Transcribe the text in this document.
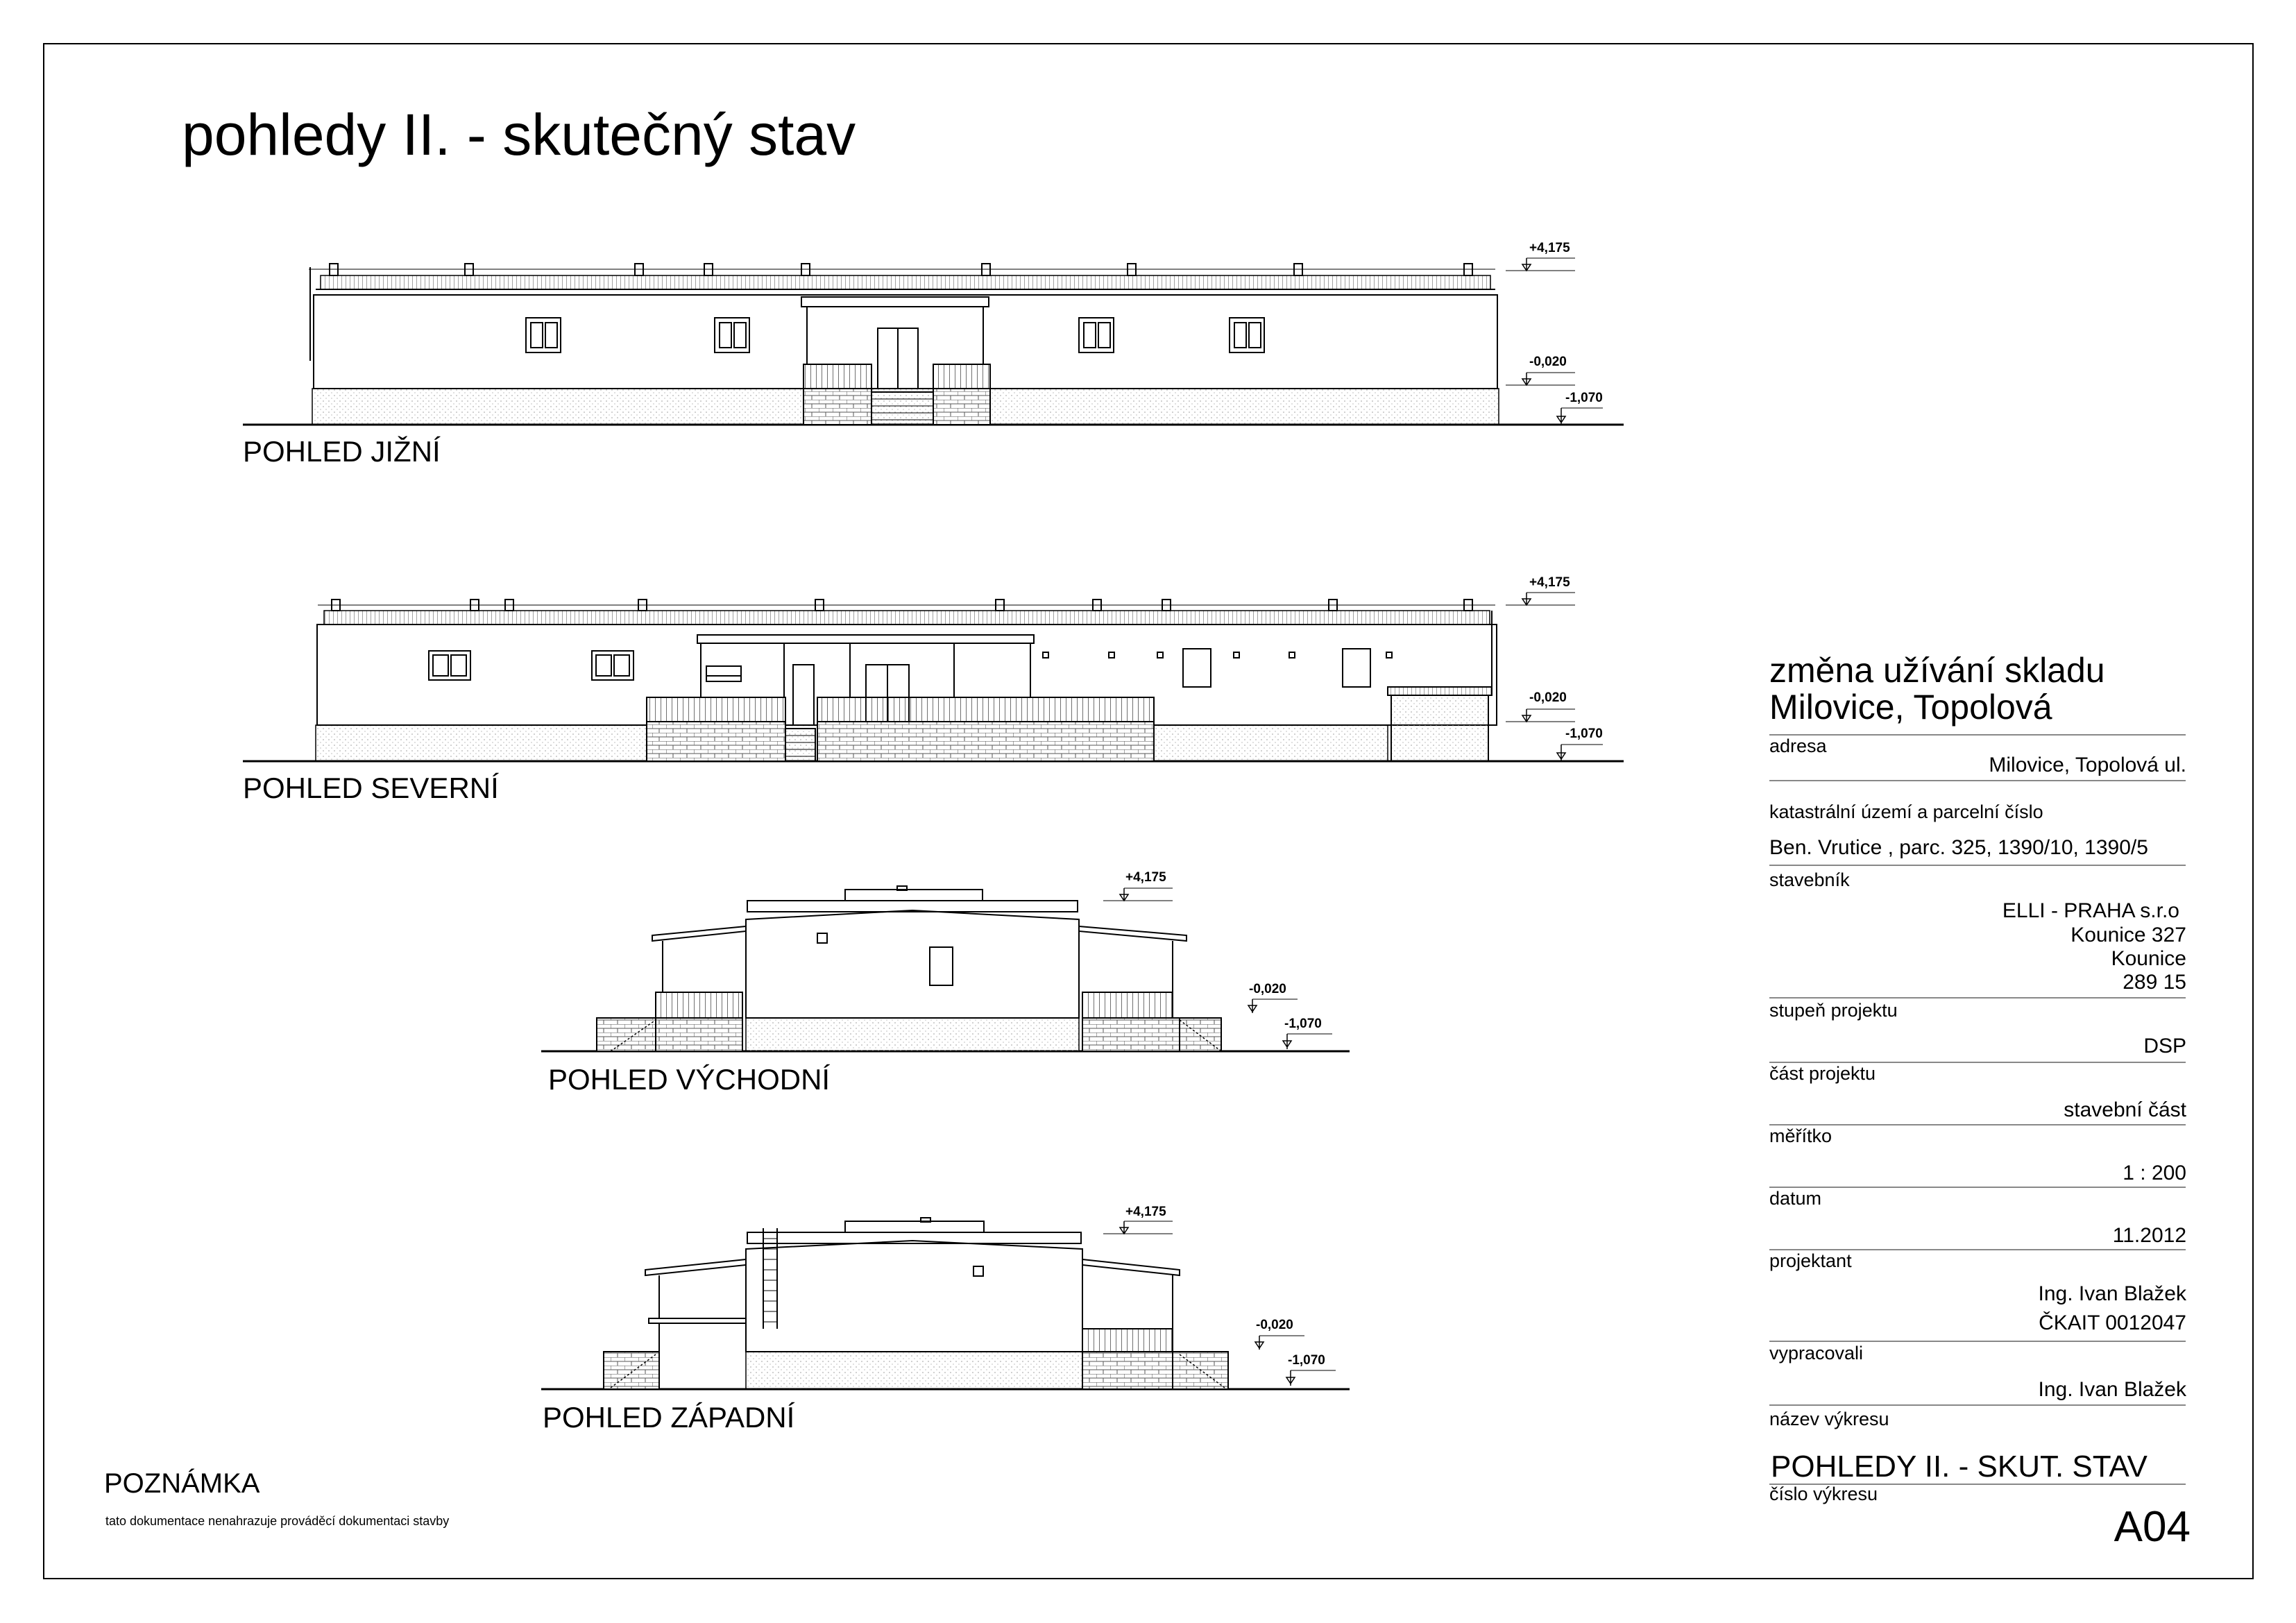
pohledy II. - skutečný stav
+4,175
-0,020
-1,070
POHLED JIŽNÍ
+4,175
-0,020
-1,070
POHLED SEVERNÍ
+4,175
-0,020
-1,070
POHLED VÝCHODNÍ
+4,175
-0,020
-1,070
POHLED ZÁPADNÍ
změna užívání skladu
Milovice, Topolová
adresa
Milovice, Topolová ul.
katastrální území a parcelní číslo
Ben. Vrutice , parc. 325, 1390/10, 1390/5
stavebník
ELLI - PRAHA s.r.o
Kounice 327
Kounice
289 15
stupeň projektu
DSP
část projektu
stavební část
měřítko
1 : 200
datum
11.2012
projektant
Ing. Ivan Blažek
ČKAIT 0012047
vypracovali
Ing. Ivan Blažek
název výkresu
POHLEDY II. - SKUT. STAV
číslo výkresu
A04
POZNÁMKA
tato dokumentace nenahrazuje prováděcí dokumentaci stavby
